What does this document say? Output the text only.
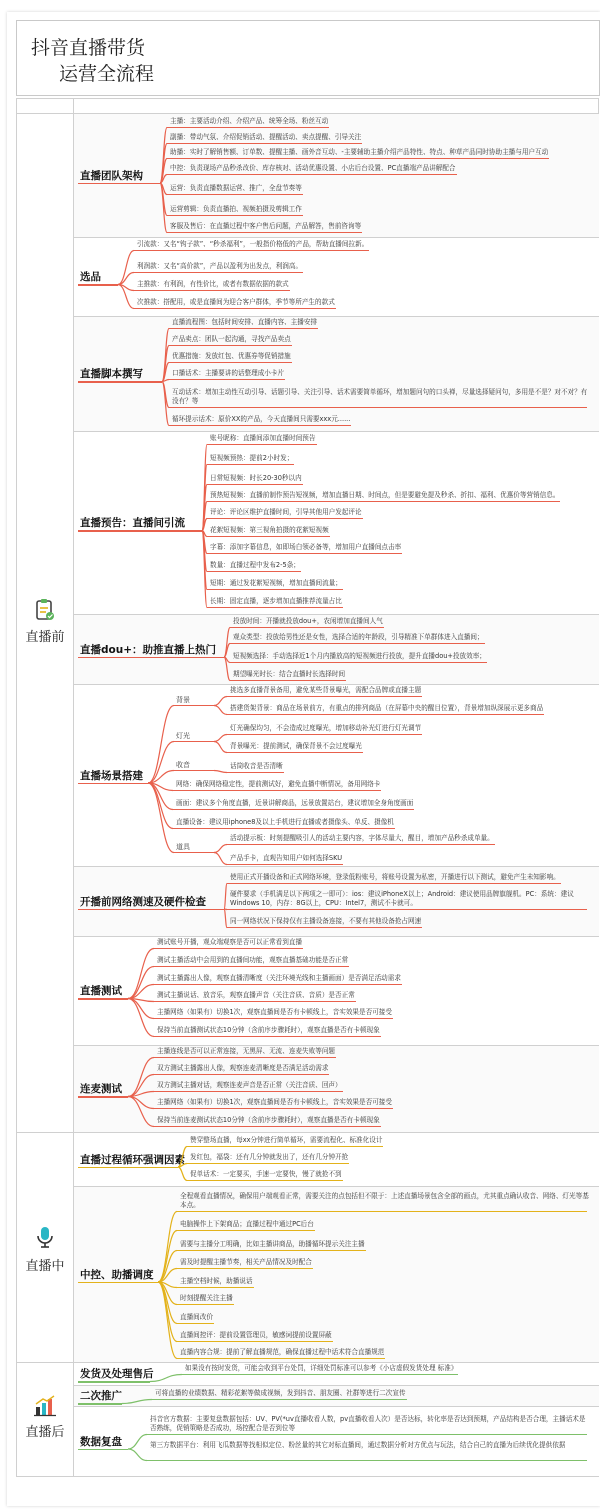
抖音直播带货
运营全流程
直播前
直播中
直播后
直播团队架构
主播：主要活动介绍、介绍产品、统筹全场、粉丝互动
副播：带动气氛、介绍促销活动、提醒活动、卖点提醒、引导关注
助播：实时了解销售额、订单数、提醒主播、画外音互动、-主要辅助主播介绍产品特性、特点、种草产品同时协助主播与用户互动
中控：负责现场产品秒杀改价、库存核对、活动优惠设置、小店后台设置、PC直播端产品讲解配合
运营：负责直播数据运营、推广，全盘节奏等
运营剪辑：负责直播拍、视频拍摄及剪辑工作
客服及售后：在直播过程中客户售后问题，产品解答，售前咨询等
选品
引流款：又名“钩子款”、“秒杀福利”，一般指价格低的产品，帮助直播间拉新。
利润款：又名“高价款”，产品以盈利为出发点，利润高。
主推款：有利润，有性价比，或者有数据依据的款式
次推款：搭配用，或是直播间为迎合客户群体，季节等所产生的款式
直播脚本撰写
直播流程图：包括时间安排、直播内容、主播安排
产品卖点：团队一起沟通，寻找产品卖点
优惠措施：发放红包、优惠券等促销措施
口播话术：主播要讲的话整理成小卡片
互动话术：增加主动性互动引导、话题引导、关注引导、话术需要简单循环，增加题问句的口头禅，尽量选择疑问句，多用是不是？对不对？有没有？等
循环提示话术：原价XX的产品，今天直播间只需要xxx元......
直播预告：直播间引流
账号昵称：直播间添加直播时间预告
短视频预热：提前2小时发；
日常短视频：时长20-30秒以内
预热短视频：直播前制作预告短视频，增加直播日期、时间点，但是要避免提及秒杀、折扣、福利、优惠价等营销信息。
评论：评论区维护直播时间，引导其他用户发起评论
花絮短视频：第三视角拍摄的花絮短视频
字幕：添加字幕信息，如即场白领必备等，增加用户直播间点击率
数量：直播过程中发布2-5条；
短期：通过发花絮短视频，增加直播间流量；
长期：固定直播，逐步增加直播推荐流量占比
直播dou+：助推直播上热门
投放时间：开播就投放dou+，农闲增加直播间人气
观众类型：投放给男性还是女性，选择合适的年龄段，引导精准下单群体进入直播间；
短视频选择：手动选择近1个月内播放高的短视频进行投放，提升直播dou+投放效率；
期望曝光时长：结合直播时长选择时间
直播场景搭建
背景
挑选多直播背景备用，避免某些背景曝光，需配合品牌或直播主题
搭建货架背景：商品在场景前方，有重点的排列商品（在屏幕中央的醒目位置），背景增加纵深展示更多商品
灯光
灯光确保均匀，不会造成过度曝光，增加移动补光灯进行灯光调节
背景曝光：提前测试，确保背景不会过度曝光
收音	话筒收音是否清晰
网络：确保网络稳定性，提前测试好，避免直播中断情况，备用网络卡
画面：建议多个角度直播，近景讲解商品，远景放置站台，建议增加全身角度画面
直播设备：建议用iphone8及以上手机进行直播或者摄像头、单反、摄像机
道具
活动提示板：时刻提醒吸引人的活动主要内容，字体尽量大，醒目，增加产品秒杀成单量。
产品手卡，直观告知用户如何选择SKU
开播前网络测速及硬件检查
使用正式开播设备和正式网络环境，登录低粉账号，将账号设置为私密，开播进行以下测试，避免产生未知影响。
硬件要求（手机满足以下两项之一即可）：ios：建议iPhoneX以上；Android：建议使用品牌旗舰机。PC：系统：建议Windows 10，内存：8G以上，CPU：Intel7，测试不卡就可。
同一网络状况下保持仅有主播设备连接，不要有其他设备抢占网速
直播测试
测试账号开播，观众端观察是否可以正常看到直播
测试主播活动中会用到的直播间功能，观察直播基础功能是否正常
测试主播露出人像，观察直播清晰度（关注环境光线和主播画面）是否满足活动需求
测试主播说话、放音乐，观察直播声音（关注音质、音质）是否正常
主播网络（如果有）切换1次，观察直播间是否有卡顿线上，音实效果是否可接受
保持当前直播测试状态10分钟（含前序步骤耗时），观察直播是否有卡顿现象
连麦测试
主播连线是否可以正常连接，无黑屏、无流、连麦失败等问题
双方测试主播露出人像，观察连麦清晰度是否满足活动需求
双方测试主播对话，观察连麦声音是否正常（关注音质、回声）
主播网络（如果有）切换1次，观察直播间是否有卡顿线上，音实效果是否可接受
保持当前连麦测试状态10分钟（含前序步骤耗时），观察直播是否有卡顿现象
直播过程循环强调因素
赞穿整场直播，每xx分钟进行简单循环，需要流程化、标准化设计
发红包，福袋：还有几分钟就发出了，还有几分钟开抢
促单话术：一定要买，手速一定要快，慢了就抢不到
中控、助播调度
全程观看直播情况，确保用户端观看正常，需要关注的点包括但不限于：上述直播场景包含全部的画点，尤其重点确认收音、网络、灯光等基本点。
电脑操作上下架商品；直播过程中通过PC后台
需要与主播分工明确，比如主播讲商品，助播循环提示关注主播
需及时提醒主播节奏，相关产品情况及时配合
主播空档时候，助播说话
时刻提醒关注主播
直播间改价
直播间控评：提前设置管理员，敏感词提前设置屏蔽
直播内容合规：提前了解直播规范，确保直播过程中话术符合直播规范
发货及处理售后	如果没有按时发货，可能会收到平台处罚，详细处罚标准可以参考《小店虚假发货处理 标准》
二次推广	可将直播的业绩数据、精彩花絮等做成视频，发到抖音、朋友圈、社群等进行二次宣传
数据复盘
抖音官方数据：主要复盘数据包括：UV、PV(*uv直播收看人数，pv直播收看人次）是否达标，转化率是否达到预期，产品结构是否合理，主播话术是否熟练，促销策略是否成功，场控配合是否到位等
第三方数据平台：利用飞瓜数据等找相似定位、粉丝量的其它对标直播间，通过数据分析对方优点与玩法，结合自己的直播为后续优化提供依据
